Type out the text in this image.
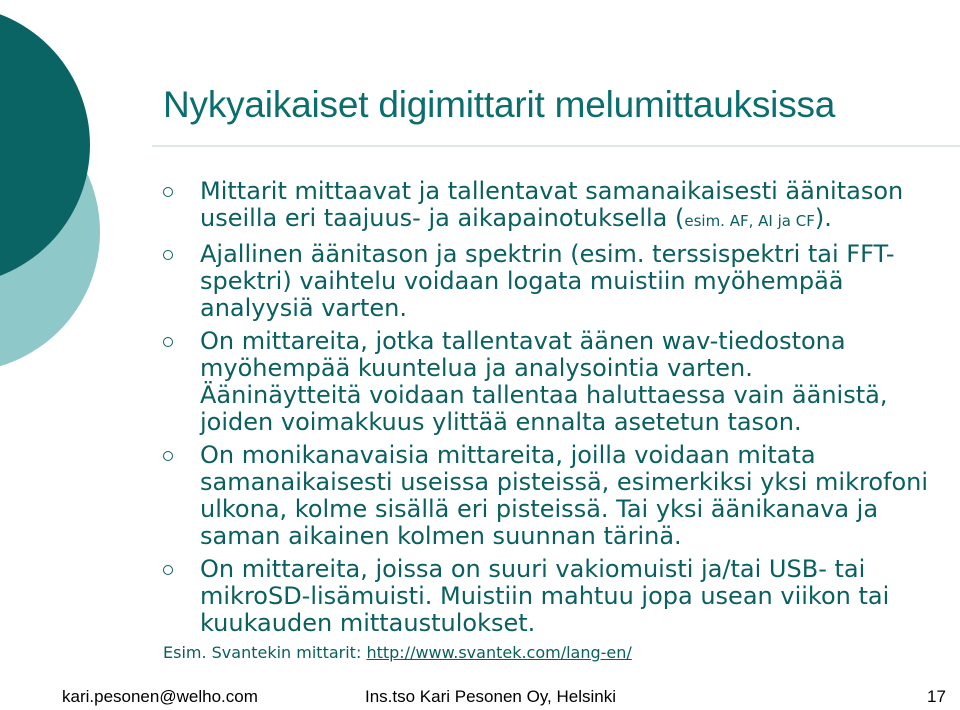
Nykyaikaiset digimittarit melumittauksissa
Mittarit mittaavat ja tallentavat samanaikaisesti äänitason useilla eri taajuus- ja aikapainotuksella (esim. AF, AI ja CF).
Ajallinen äänitason ja spektrin (esim. terssispektri tai FFT-spektri) vaihtelu voidaan logata muistiin myöhempää analyysiä varten.
On mittareita, jotka tallentavat äänen wav-tiedostona myöhempää kuuntelua ja analysointia varten.
Ääninäytteitä voidaan tallentaa haluttaessa vain äänistä, joiden voimakkuus ylittää ennalta asetetun tason.
On monikanavaisia mittareita, joilla voidaan mitata samanaikaisesti useissa pisteissä, esimerkiksi yksi mikrofoni ulkona, kolme sisällä eri pisteissä. Tai yksi äänikanava ja saman aikainen kolmen suunnan tärinä.
On mittareita, joissa on suuri vakiomuisti ja/tai USB- tai mikroSD-lisämuisti. Muistiin mahtuu jopa usean viikon tai kuukauden mittaustulokset.
Esim. Svantekin mittarit: http://www.svantek.com/lang-en/
kari.pesonen@welho.com	Ins.tso Kari Pesonen Oy, Helsinki	17
